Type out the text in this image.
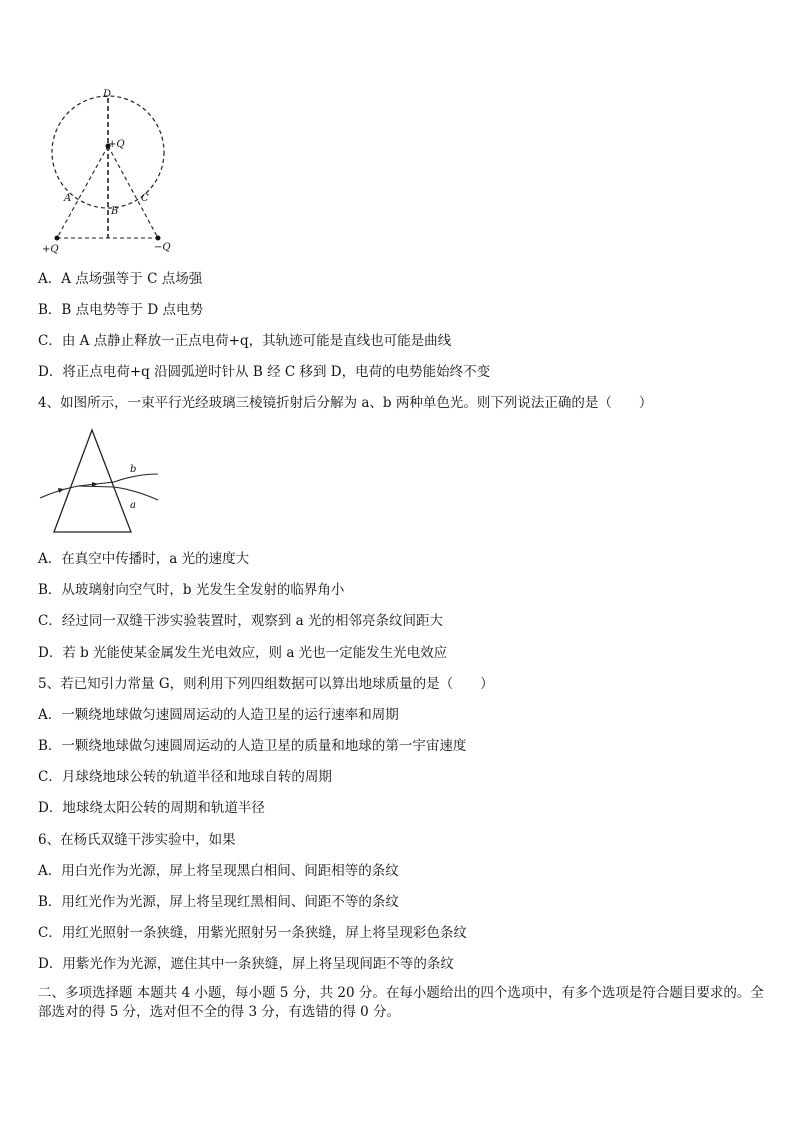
D
+Q
A
B
C
+Q	−Q
A．A 点场强等于 C 点场强
B．B 点电势等于 D 点电势
C．由 A 点静止释放一正点电荷+q，其轨迹可能是直线也可能是曲线
D．将正点电荷+q 沿圆弧逆时针从 B 经 C 移到 D，电荷的电势能始终不变
4、如图所示，一束平行光经玻璃三棱镜折射后分解为 a、b 两种单色光。则下列说法正确的是（　　）
b
a
A．在真空中传播时，a 光的速度大
B．从玻璃射向空气时，b 光发生全发射的临界角小
C．经过同一双缝干涉实验装置时，观察到 a 光的相邻亮条纹间距大
D．若 b 光能使某金属发生光电效应，则 a 光也一定能发生光电效应
5、若已知引力常量 G，则利用下列四组数据可以算出地球质量的是（　　）
A．一颗绕地球做匀速圆周运动的人造卫星的运行速率和周期
B．一颗绕地球做匀速圆周运动的人造卫星的质量和地球的第一宇宙速度
C．月球绕地球公转的轨道半径和地球自转的周期
D．地球绕太阳公转的周期和轨道半径
6、在杨氏双缝干涉实验中，如果
A．用白光作为光源，屏上将呈现黑白相间、间距相等的条纹
B．用红光作为光源，屏上将呈现红黑相间、间距不等的条纹
C．用红光照射一条狭缝，用紫光照射另一条狭缝，屏上将呈现彩色条纹
D．用紫光作为光源，遮住其中一条狭缝，屏上将呈现间距不等的条纹
二、多项选择题 本题共 4 小题，每小题 5 分，共 20 分。在每小题给出的四个选项中，有多个选项是符合题目要求的。全部选对的得 5 分，选对但不全的得 3 分，有选错的得 0 分。
